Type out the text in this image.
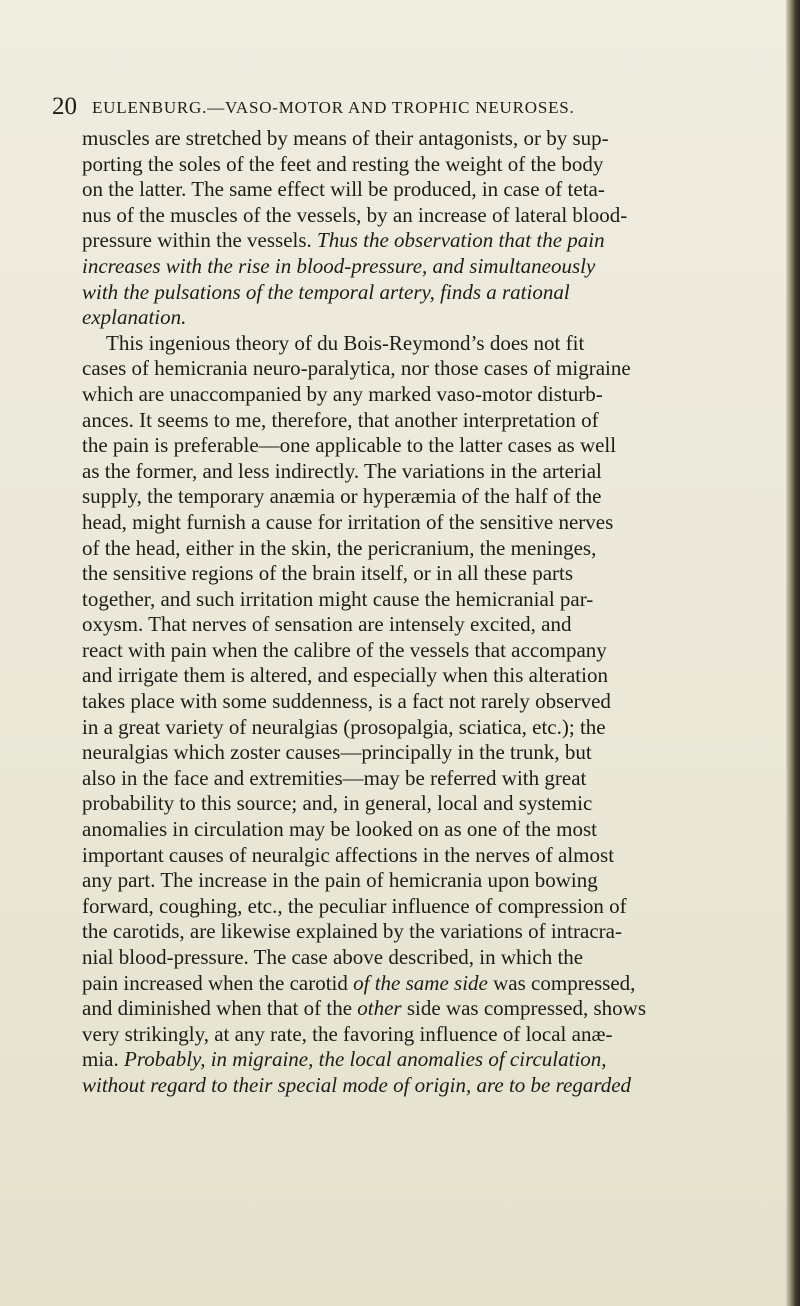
20 EULENBURG.—VASO-MOTOR AND TROPHIC NEUROSES.
muscles are stretched by means of their antagonists, or by sup-
porting the soles of the feet and resting the weight of the body
on the latter. The same effect will be produced, in case of teta-
nus of the muscles of the vessels, by an increase of lateral blood-
pressure within the vessels. Thus the observation that the pain
increases with the rise in blood-pressure, and simultaneously
with the pulsations of the temporal artery, finds a rational
explanation.
This ingenious theory of du Bois-Reymond’s does not fit
cases of hemicrania neuro-paralytica, nor those cases of migraine
which are unaccompanied by any marked vaso-motor disturb-
ances. It seems to me, therefore, that another interpretation of
the pain is preferable—one applicable to the latter cases as well
as the former, and less indirectly. The variations in the arterial
supply, the temporary anæmia or hyperæmia of the half of the
head, might furnish a cause for irritation of the sensitive nerves
of the head, either in the skin, the pericranium, the meninges,
the sensitive regions of the brain itself, or in all these parts
together, and such irritation might cause the hemicranial par-
oxysm. That nerves of sensation are intensely excited, and
react with pain when the calibre of the vessels that accompany
and irrigate them is altered, and especially when this alteration
takes place with some suddenness, is a fact not rarely observed
in a great variety of neuralgias (prosopalgia, sciatica, etc.); the
neuralgias which zoster causes—principally in the trunk, but
also in the face and extremities—may be referred with great
probability to this source; and, in general, local and systemic
anomalies in circulation may be looked on as one of the most
important causes of neuralgic affections in the nerves of almost
any part. The increase in the pain of hemicrania upon bowing
forward, coughing, etc., the peculiar influence of compression of
the carotids, are likewise explained by the variations of intracra-
nial blood-pressure. The case above described, in which the
pain increased when the carotid of the same side was compressed,
and diminished when that of the other side was compressed, shows
very strikingly, at any rate, the favoring influence of local anæ-
mia. Probably, in migraine, the local anomalies of circulation,
without regard to their special mode of origin, are to be regarded
